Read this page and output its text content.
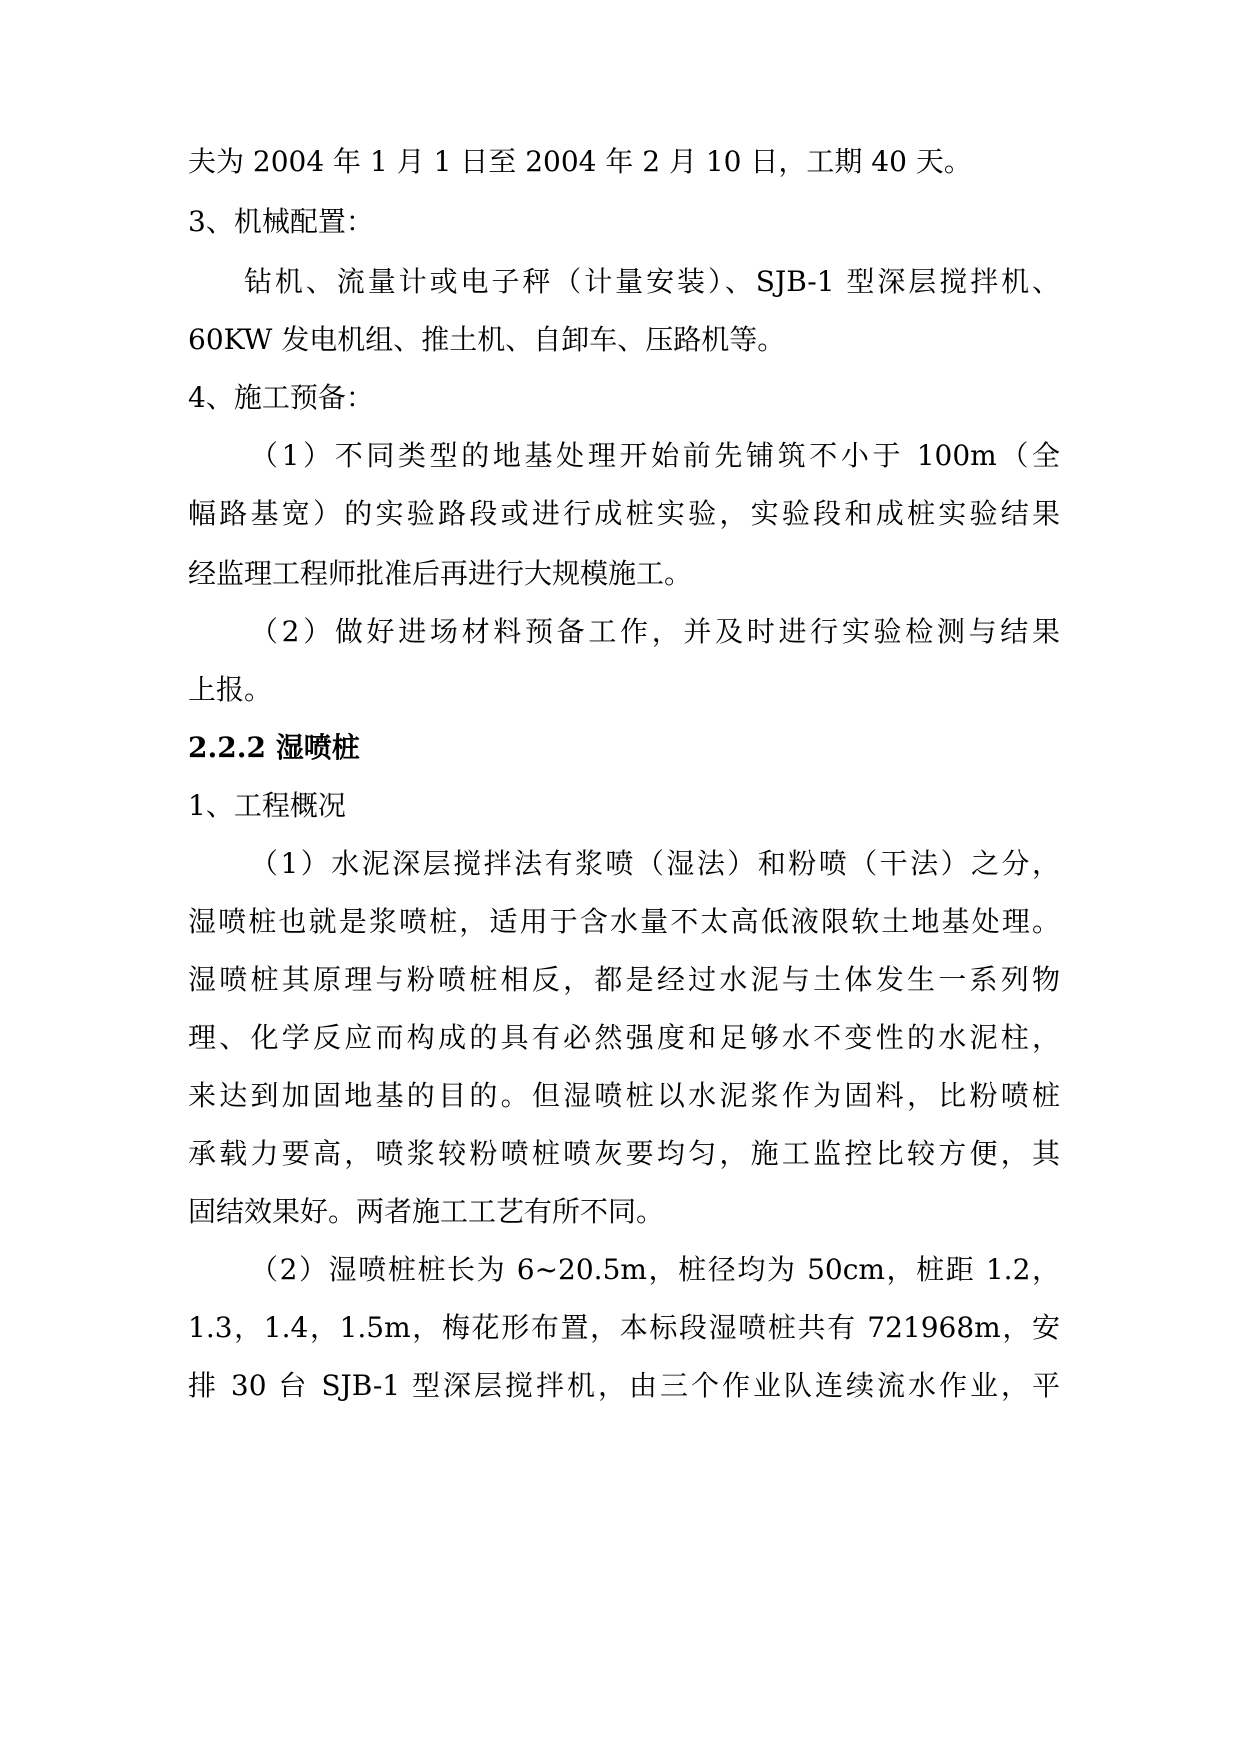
夫为 2004 年 1 月 1 日至 2004 年 2 月 10 日，工期 40 天。
3、机械配置：
钻机、流量计或电子秤（计量安装）、SJB-1 型深层搅拌机、
60KW 发电机组、推土机、自卸车、压路机等。
4、施工预备：
（1）不同类型的地基处理开始前先铺筑不小于 100m（全
幅路基宽）的实验路段或进行成桩实验，实验段和成桩实验结果
经监理工程师批准后再进行大规模施工。
（2）做好进场材料预备工作，并及时进行实验检测与结果
上报。
2.2.2 湿喷桩
1、工程概况
（1）水泥深层搅拌法有浆喷（湿法）和粉喷（干法）之分，
湿喷桩也就是浆喷桩，适用于含水量不太高低液限软土地基处理。
湿喷桩其原理与粉喷桩相反，都是经过水泥与土体发生一系列物
理、化学反应而构成的具有必然强度和足够水不变性的水泥柱，
来达到加固地基的目的。但湿喷桩以水泥浆作为固料，比粉喷桩
承载力要高，喷浆较粉喷桩喷灰要均匀，施工监控比较方便，其
固结效果好。两者施工工艺有所不同。
（2）湿喷桩桩长为 6~20.5m，桩径均为 50cm，桩距 1.2，
1.3，1.4，1.5m，梅花形布置，本标段湿喷桩共有 721968m，安
排 30 台 SJB-1 型深层搅拌机，由三个作业队连续流水作业，平
